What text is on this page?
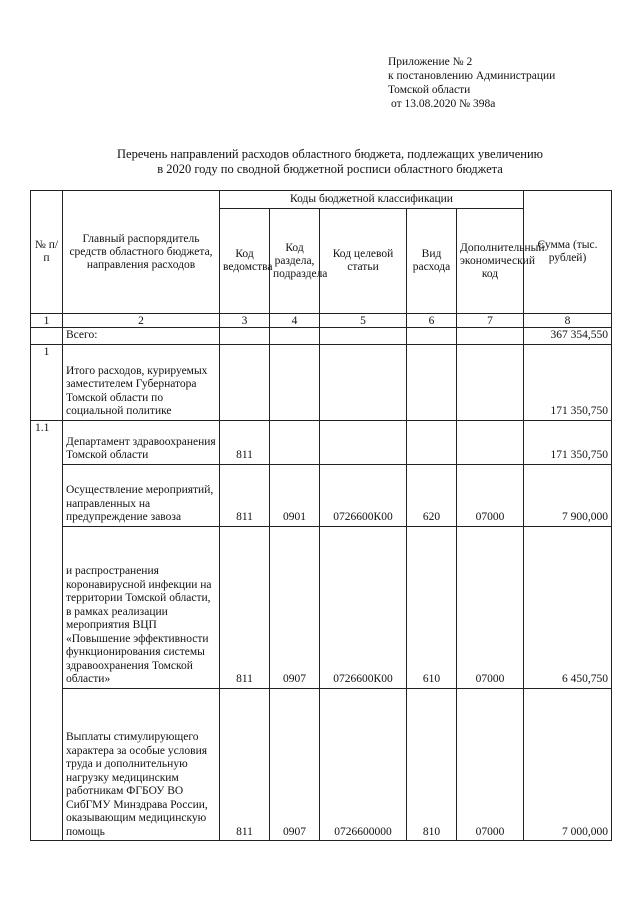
Приложение № 2
к постановлению Администрации
Томской области
от 13.08.2020 № 398а
Перечень направлений расходов областного бюджета, подлежащих увеличению
в 2020 году по сводной бюджетной росписи областного бюджета
№ п/п	Главный распорядитель средств областного бюджета, направления расходов	Коды бюджетной классификации					Сумма (тыс. рублей)
		Код ведомства	Код раздела, подраздела	Код целевой статьи	Вид расхода	Дополнительный экономический код	
1	2	3	4	5	6	7	8
	Всего:						367 354,550
1	Итого расходов, курируемых заместителем Губернатора Томской области по социальной политике						171 350,750
1.1	Департамент здравоохранения Томской области	811					171 350,750
	Осуществление мероприятий, направленных на предупреждение завоза	811	0901	0726600К00	620	07000	7 900,000
	и распространения коронавирусной инфекции на территории Томской области, в рамках реализации мероприятия ВЦП «Повышение эффективности функционирования системы здравоохранения Томской области»	811	0907	0726600К00	610	07000	6 450,750
	Выплаты стимулирующего характера за особые условия труда и дополнительную нагрузку медицинским работникам ФГБОУ ВО СибГМУ Минздрава России, оказывающим медицинскую помощь	811	0907	0726600000	810	07000	7 000,000
